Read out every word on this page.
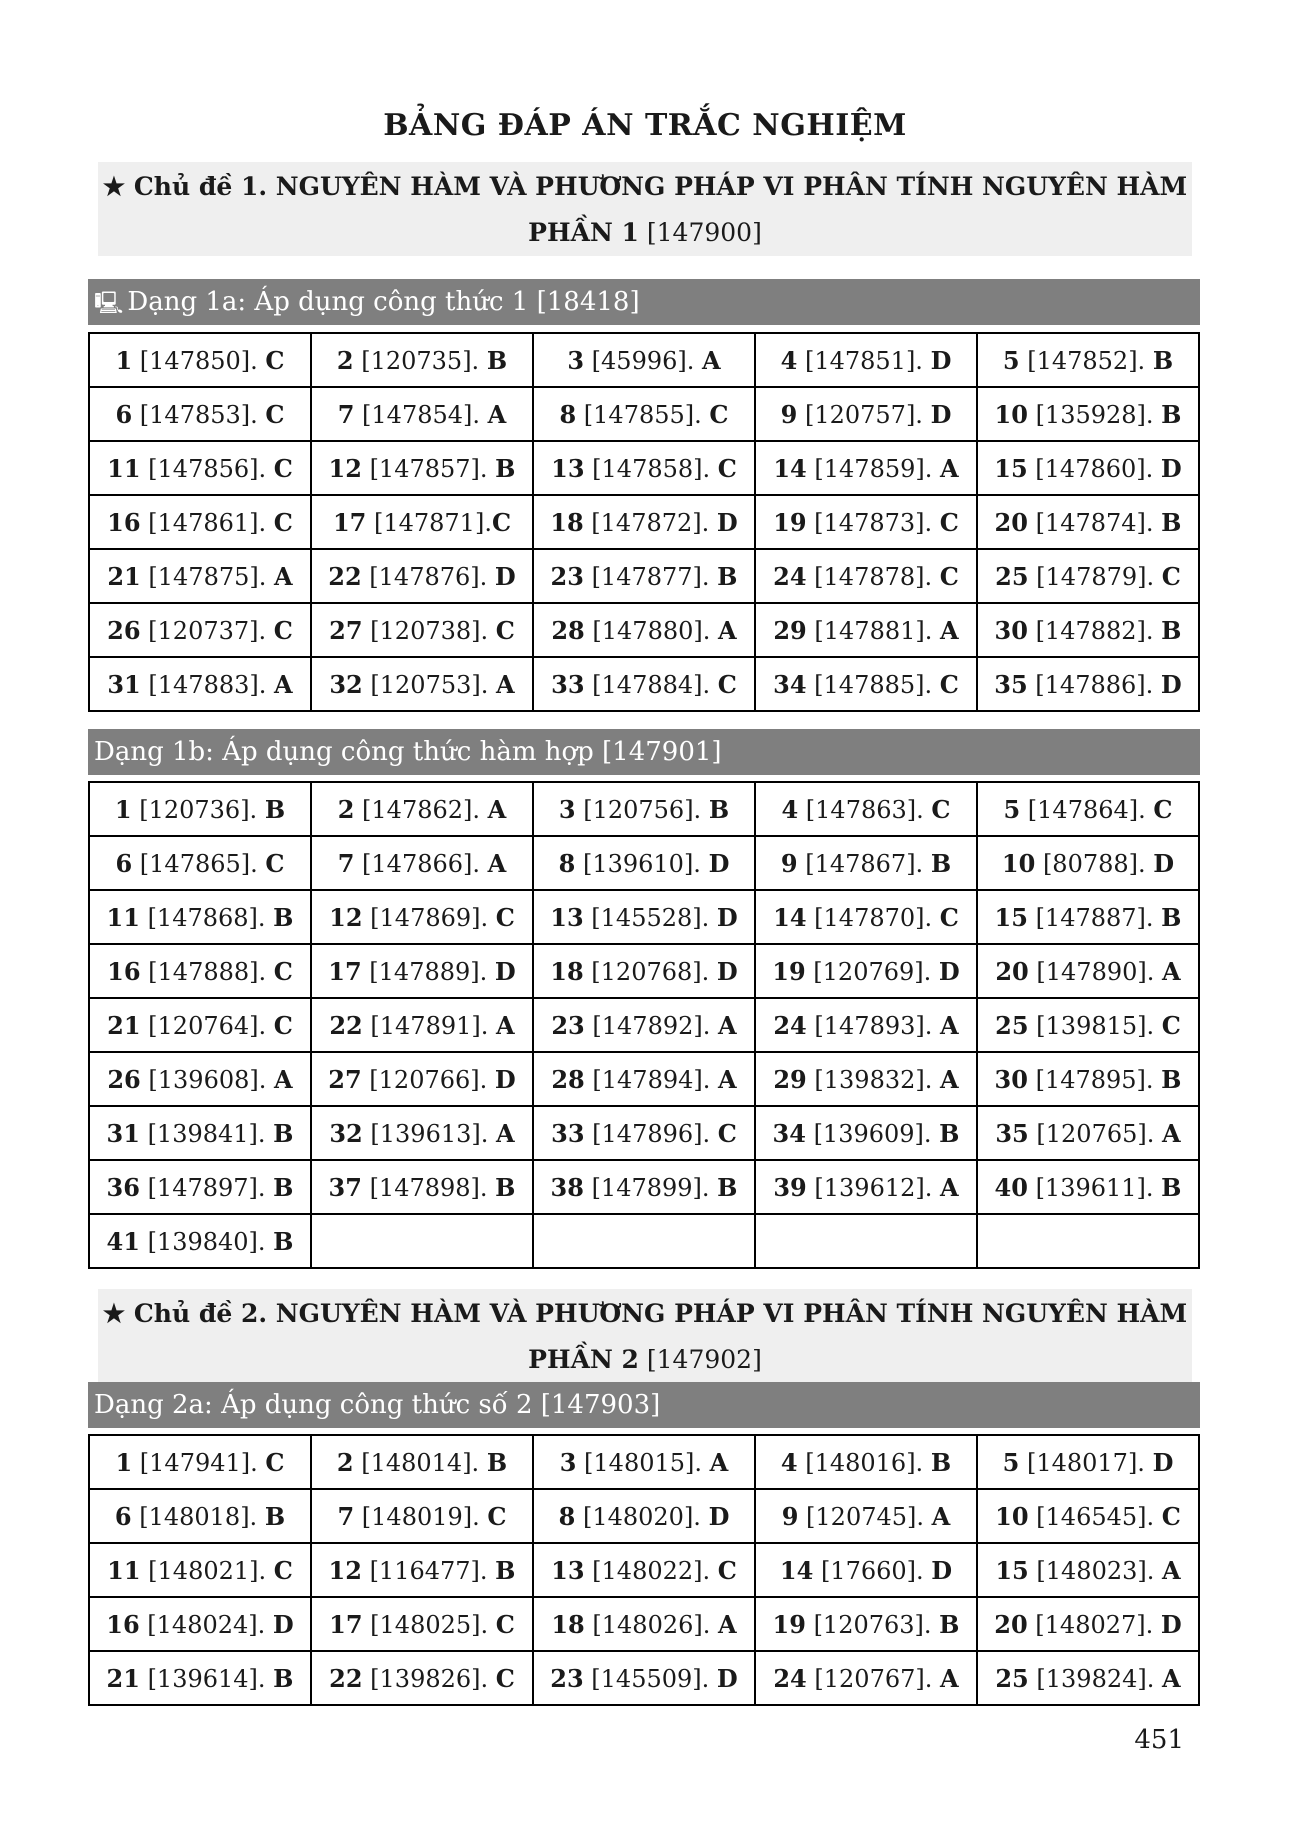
BẢNG ĐÁP ÁN TRẮC NGHIỆM
★ Chủ đề 1. NGUYÊN HÀM VÀ PHƯƠNG PHÁP VI PHÂN TÍNH NGUYÊN HÀM
PHẦN 1 [147900]
🖳 Dạng 1a: Áp dụng công thức 1 [18418]
1 [147850]. C	2 [120735]. B	3 [45996]. A	4 [147851]. D	5 [147852]. B
6 [147853]. C	7 [147854]. A	8 [147855]. C	9 [120757]. D	10 [135928]. B
11 [147856]. C	12 [147857]. B	13 [147858]. C	14 [147859]. A	15 [147860]. D
16 [147861]. C	17 [147871].C	18 [147872]. D	19 [147873]. C	20 [147874]. B
21 [147875]. A	22 [147876]. D	23 [147877]. B	24 [147878]. C	25 [147879]. C
26 [120737]. C	27 [120738]. C	28 [147880]. A	29 [147881]. A	30 [147882]. B
31 [147883]. A	32 [120753]. A	33 [147884]. C	34 [147885]. C	35 [147886]. D
Dạng 1b: Áp dụng công thức hàm hợp [147901]
1 [120736]. B	2 [147862]. A	3 [120756]. B	4 [147863]. C	5 [147864]. C
6 [147865]. C	7 [147866]. A	8 [139610]. D	9 [147867]. B	10 [80788]. D
11 [147868]. B	12 [147869]. C	13 [145528]. D	14 [147870]. C	15 [147887]. B
16 [147888]. C	17 [147889]. D	18 [120768]. D	19 [120769]. D	20 [147890]. A
21 [120764]. C	22 [147891]. A	23 [147892]. A	24 [147893]. A	25 [139815]. C
26 [139608]. A	27 [120766]. D	28 [147894]. A	29 [139832]. A	30 [147895]. B
31 [139841]. B	32 [139613]. A	33 [147896]. C	34 [139609]. B	35 [120765]. A
36 [147897]. B	37 [147898]. B	38 [147899]. B	39 [139612]. A	40 [139611]. B
41 [139840]. B				
★ Chủ đề 2. NGUYÊN HÀM VÀ PHƯƠNG PHÁP VI PHÂN TÍNH NGUYÊN HÀM
PHẦN 2 [147902]
Dạng 2a: Áp dụng công thức số 2 [147903]
1 [147941]. C	2 [148014]. B	3 [148015]. A	4 [148016]. B	5 [148017]. D
6 [148018]. B	7 [148019]. C	8 [148020]. D	9 [120745]. A	10 [146545]. C
11 [148021]. C	12 [116477]. B	13 [148022]. C	14 [17660]. D	15 [148023]. A
16 [148024]. D	17 [148025]. C	18 [148026]. A	19 [120763]. B	20 [148027]. D
21 [139614]. B	22 [139826]. C	23 [145509]. D	24 [120767]. A	25 [139824]. A
451
